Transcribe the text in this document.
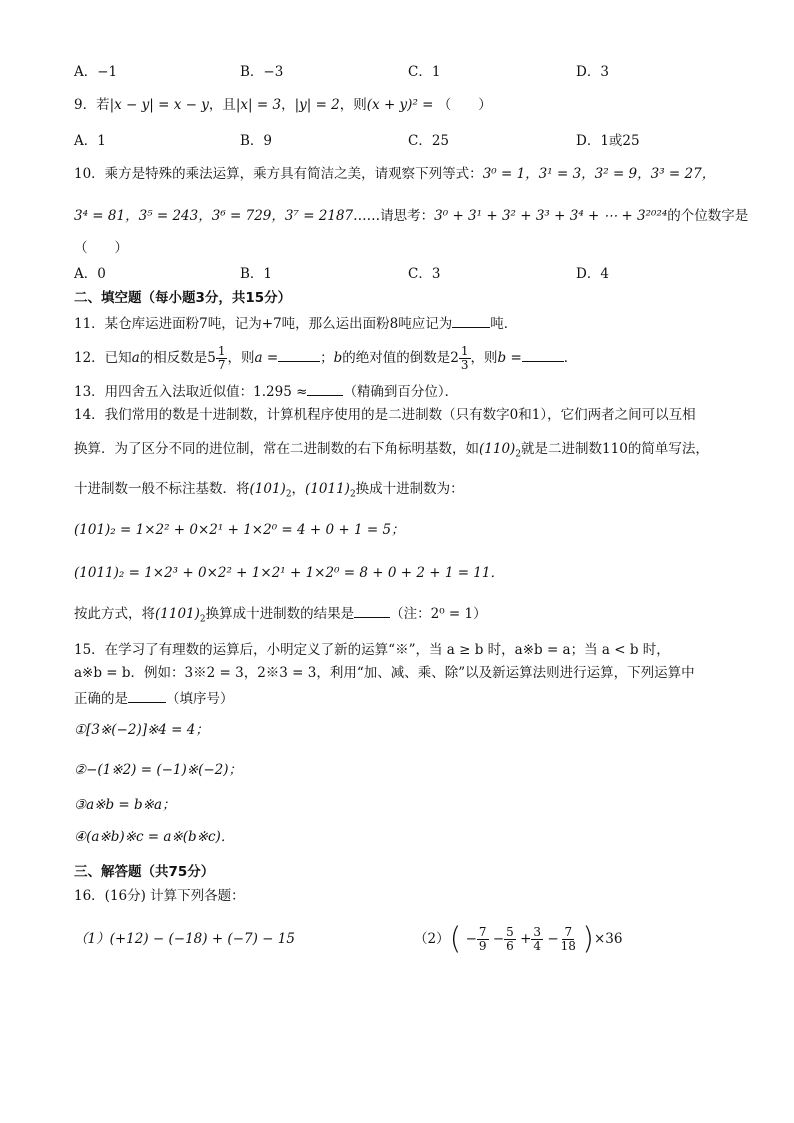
A．−1	B．−3	C．1	D．3
9．若|x − y| = x − y，且|x| = 3，|y| = 2，则(x + y)² = （　　）
A．1	B．9	C．25	D．1或25
10．乘方是特殊的乘法运算，乘方具有简洁之美，请观察下列等式：3⁰ = 1，3¹ = 3，3² = 9，3³ = 27，
3⁴ = 81，3⁵ = 243，3⁶ = 729，3⁷ = 2187……请思考：3⁰ + 3¹ + 3² + 3³ + 3⁴ + ⋯ + 3²⁰²⁴的个位数字是
（　　）
A．0	B．1	C．3	D．4
二、填空题（每小题3分，共15分）
11．某仓库运进面粉7吨，记为+7吨，那么运出面粉8吨应记为	吨．
12．已知a的相反数是$5 \frac{1}{7}$ ，则a =	；b的绝对值的倒数是$2 \frac{1}{3}$ ，则b =	．
13．用四舍五入法取近似值：1.295 ≈	（精确到百分位）．
14．我们常用的数是十进制数，计算机程序使用的是二进制数（只有数字0和1），它们两者之间可以互相
换算．为了区分不同的进位制，常在二进制数的右下角标明基数，如$(110)_2$就是二进制数110的简单写法，
十进制数一般不标注基数．将$(101)_2$，$(1011)_2$换成十进制数为：
(101)₂ = 1×2² + 0×2¹ + 1×2⁰ = 4 + 0 + 1 = 5；
(1011)₂ = 1×2³ + 0×2² + 1×2¹ + 1×2⁰ = 8 + 0 + 2 + 1 = 11．
按此方式，将$(1101)_2$换算成十进制数的结果是	（注：2⁰ = 1）
15．在学习了有理数的运算后，小明定义了新的运算“※”，当 a ≥ b 时，a※b = a；当 a < b 时，
a※b = b．例如：3※2 = 3，2※3 = 3，利用“加、减、乘、除”以及新运算法则进行运算，下列运算中
正确的是	（填序号）
①[3※(−2)]※4 = 4；
②−(1※2) = (−1)※(−2)；
③a※b = b※a；
④(a※b)※c = a※(b※c)．
三、解答题（共75分）
16．(16分) 计算下列各题：
（1）(+12) − (−18) + (−7) − 15	$(2)( - \frac{7}{9} - \frac{5}{6} + \frac{3}{4} - \frac{7}{18} )\times 36$
